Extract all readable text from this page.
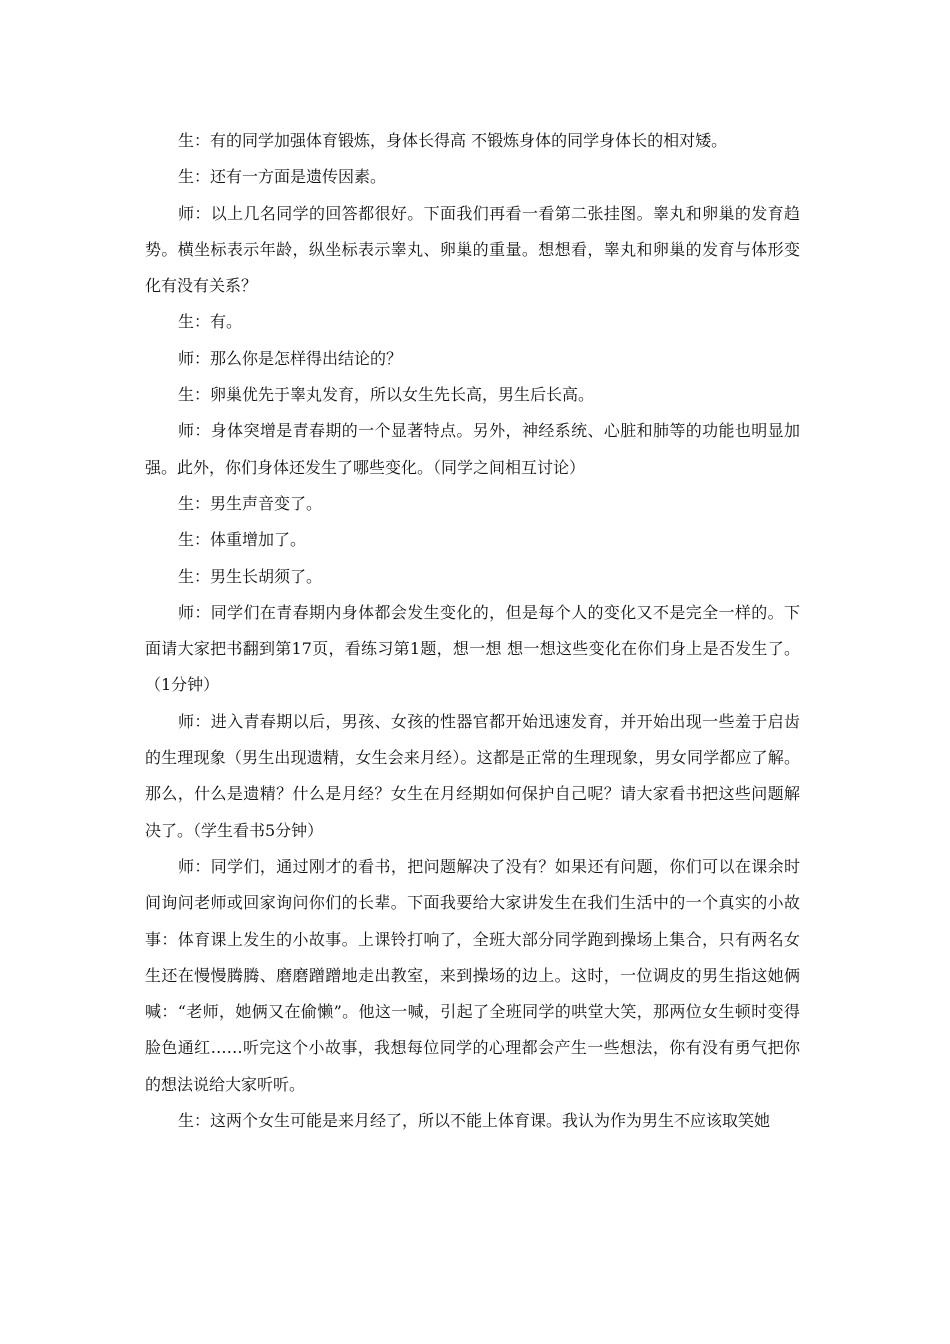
生：有的同学加强体育锻炼，身体长得高 不锻炼身体的同学身体长的相对矮。

生：还有一方面是遗传因素。

师：以上几名同学的回答都很好。下面我们再看一看第二张挂图。睾丸和卵巢的发育趋势。横坐标表示年龄，纵坐标表示睾丸、卵巢的重量。想想看，睾丸和卵巢的发育与体形变化有没有关系？

生：有。

师：那么你是怎样得出结论的？

生：卵巢优先于睾丸发育，所以女生先长高，男生后长高。

师：身体突增是青春期的一个显著特点。另外，神经系统、心脏和肺等的功能也明显加强。此外，你们身体还发生了哪些变化。（同学之间相互讨论）

生：男生声音变了。

生：体重增加了。

生：男生长胡须了。

师：同学们在青春期内身体都会发生变化的，但是每个人的变化又不是完全一样的。下面请大家把书翻到第17页，看练习第1题，想一想 想一想这些变化在你们身上是否发生了。（1分钟）

师：进入青春期以后，男孩、女孩的性器官都开始迅速发育，并开始出现一些羞于启齿的生理现象（男生出现遗精，女生会来月经）。这都是正常的生理现象，男女同学都应了解。那么，什么是遗精？什么是月经？女生在月经期如何保护自己呢？请大家看书把这些问题解决了。（学生看书5分钟）

师：同学们，通过刚才的看书，把问题解决了没有？如果还有问题，你们可以在课余时间询问老师或回家询问你们的长辈。下面我要给大家讲发生在我们生活中的一个真实的小故事：体育课上发生的小故事。上课铃打响了，全班大部分同学跑到操场上集合，只有两名女生还在慢慢腾腾、磨磨蹭蹭地走出教室，来到操场的边上。这时，一位调皮的男生指这她俩喊：“老师，她俩又在偷懒”。他这一喊，引起了全班同学的哄堂大笑，那两位女生顿时变得脸色通红……听完这个小故事，我想每位同学的心理都会产生一些想法，你有没有勇气把你的想法说给大家听听。

生：这两个女生可能是来月经了，所以不能上体育课。我认为作为男生不应该取笑她
